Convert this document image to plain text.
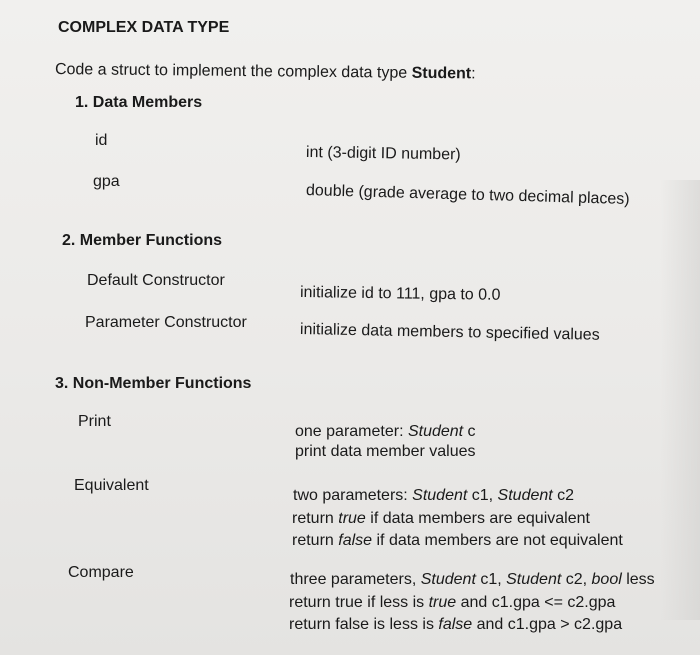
COMPLEX DATA TYPE
Code a struct to implement the complex data type Student:
1. Data Members
id
int (3-digit ID number)
gpa
double (grade average to two decimal places)
2. Member Functions
Default Constructor
initialize id to 111, gpa to 0.0
Parameter Constructor	initialize data members to specified values
3. Non-Member Functions
Print
one parameter: Student c
print data member values
Equivalent
two parameters: Student c1, Student c2
return true if data members are equivalent
return false if data members are not equivalent
Compare	three parameters, Student c1, Student c2, bool less
return true if less is true and c1.gpa <= c2.gpa
return false is less is false and c1.gpa > c2.gpa
